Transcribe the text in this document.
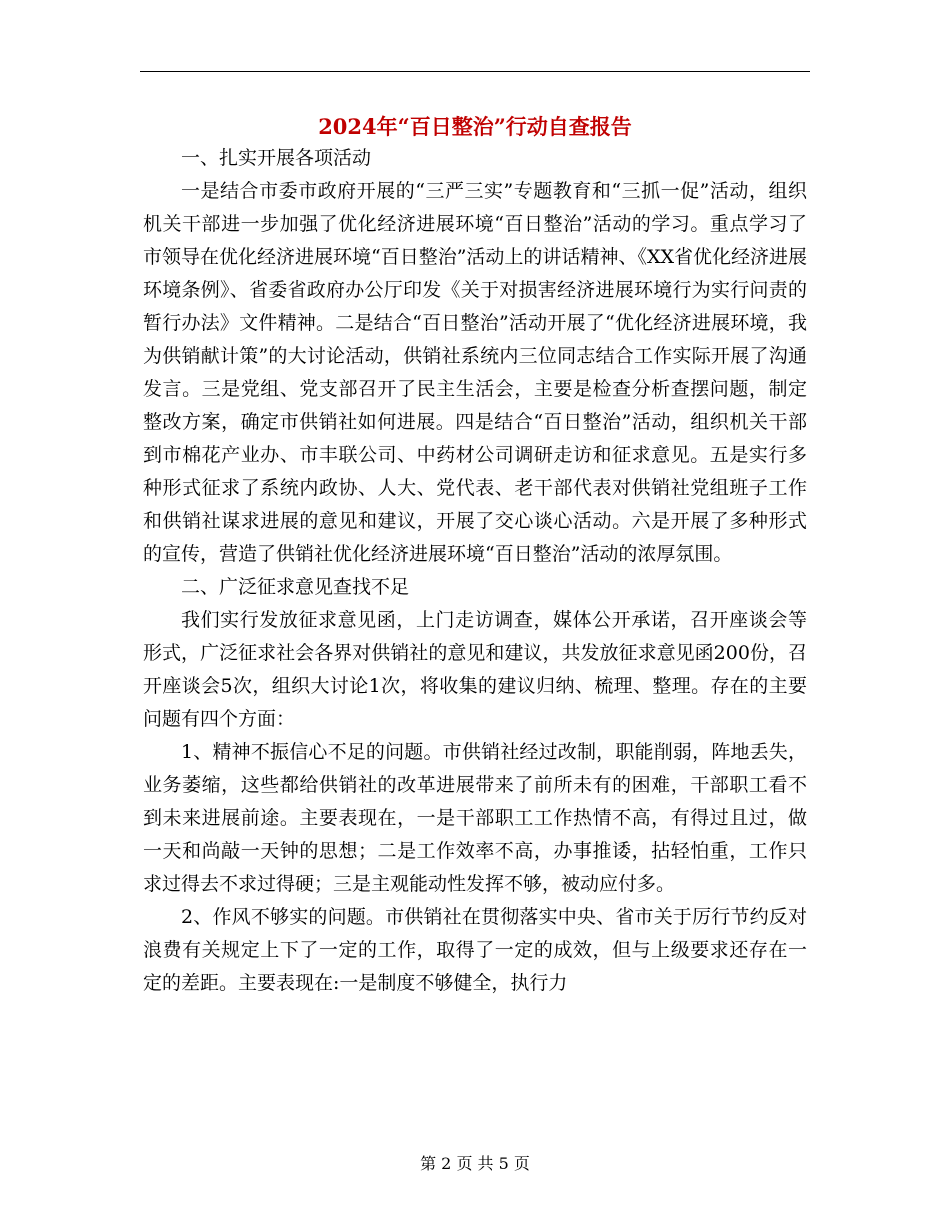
2024年“百日整治”行动自查报告

一、扎实开展各项活动

一是结合市委市政府开展的“三严三实”专题教育和“三抓一促”活动，组织机关干部进一步加强了优化经济进展环境“百日整治”活动的学习。重点学习了市领导在优化经济进展环境“百日整治”活动上的讲话精神、《XX省优化经济进展环境条例》、省委省政府办公厅印发《关于对损害经济进展环境行为实行问责的暂行办法》文件精神。二是结合“百日整治”活动开展了“优化经济进展环境，我为供销献计策”的大讨论活动，供销社系统内三位同志结合工作实际开展了沟通发言。三是党组、党支部召开了民主生活会，主要是检查分析查摆问题，制定整改方案，确定市供销社如何进展。四是结合“百日整治”活动，组织机关干部到市棉花产业办、市丰联公司、中药材公司调研走访和征求意见。五是实行多种形式征求了系统内政协、人大、党代表、老干部代表对供销社党组班子工作和供销社谋求进展的意见和建议，开展了交心谈心活动。六是开展了多种形式的宣传，营造了供销社优化经济进展环境“百日整治”活动的浓厚氛围。

二、广泛征求意见查找不足

我们实行发放征求意见函，上门走访调查，媒体公开承诺，召开座谈会等形式，广泛征求社会各界对供销社的意见和建议，共发放征求意见函200份，召开座谈会5次，组织大讨论1次，将收集的建议归纳、梳理、整理。存在的主要问题有四个方面：

1、精神不振信心不足的问题。市供销社经过改制，职能削弱，阵地丢失，业务萎缩，这些都给供销社的改革进展带来了前所未有的困难，干部职工看不到未来进展前途。主要表现在，一是干部职工工作热情不高，有得过且过，做一天和尚敲一天钟的思想；二是工作效率不高，办事推诿，拈轻怕重，工作只求过得去不求过得硬；三是主观能动性发挥不够，被动应付多。

2、作风不够实的问题。市供销社在贯彻落实中央、省市关于厉行节约反对浪费有关规定上下了一定的工作，取得了一定的成效，但与上级要求还存在一定的差距。主要表现在:一是制度不够健全，执行力

第 2 页 共 5 页
